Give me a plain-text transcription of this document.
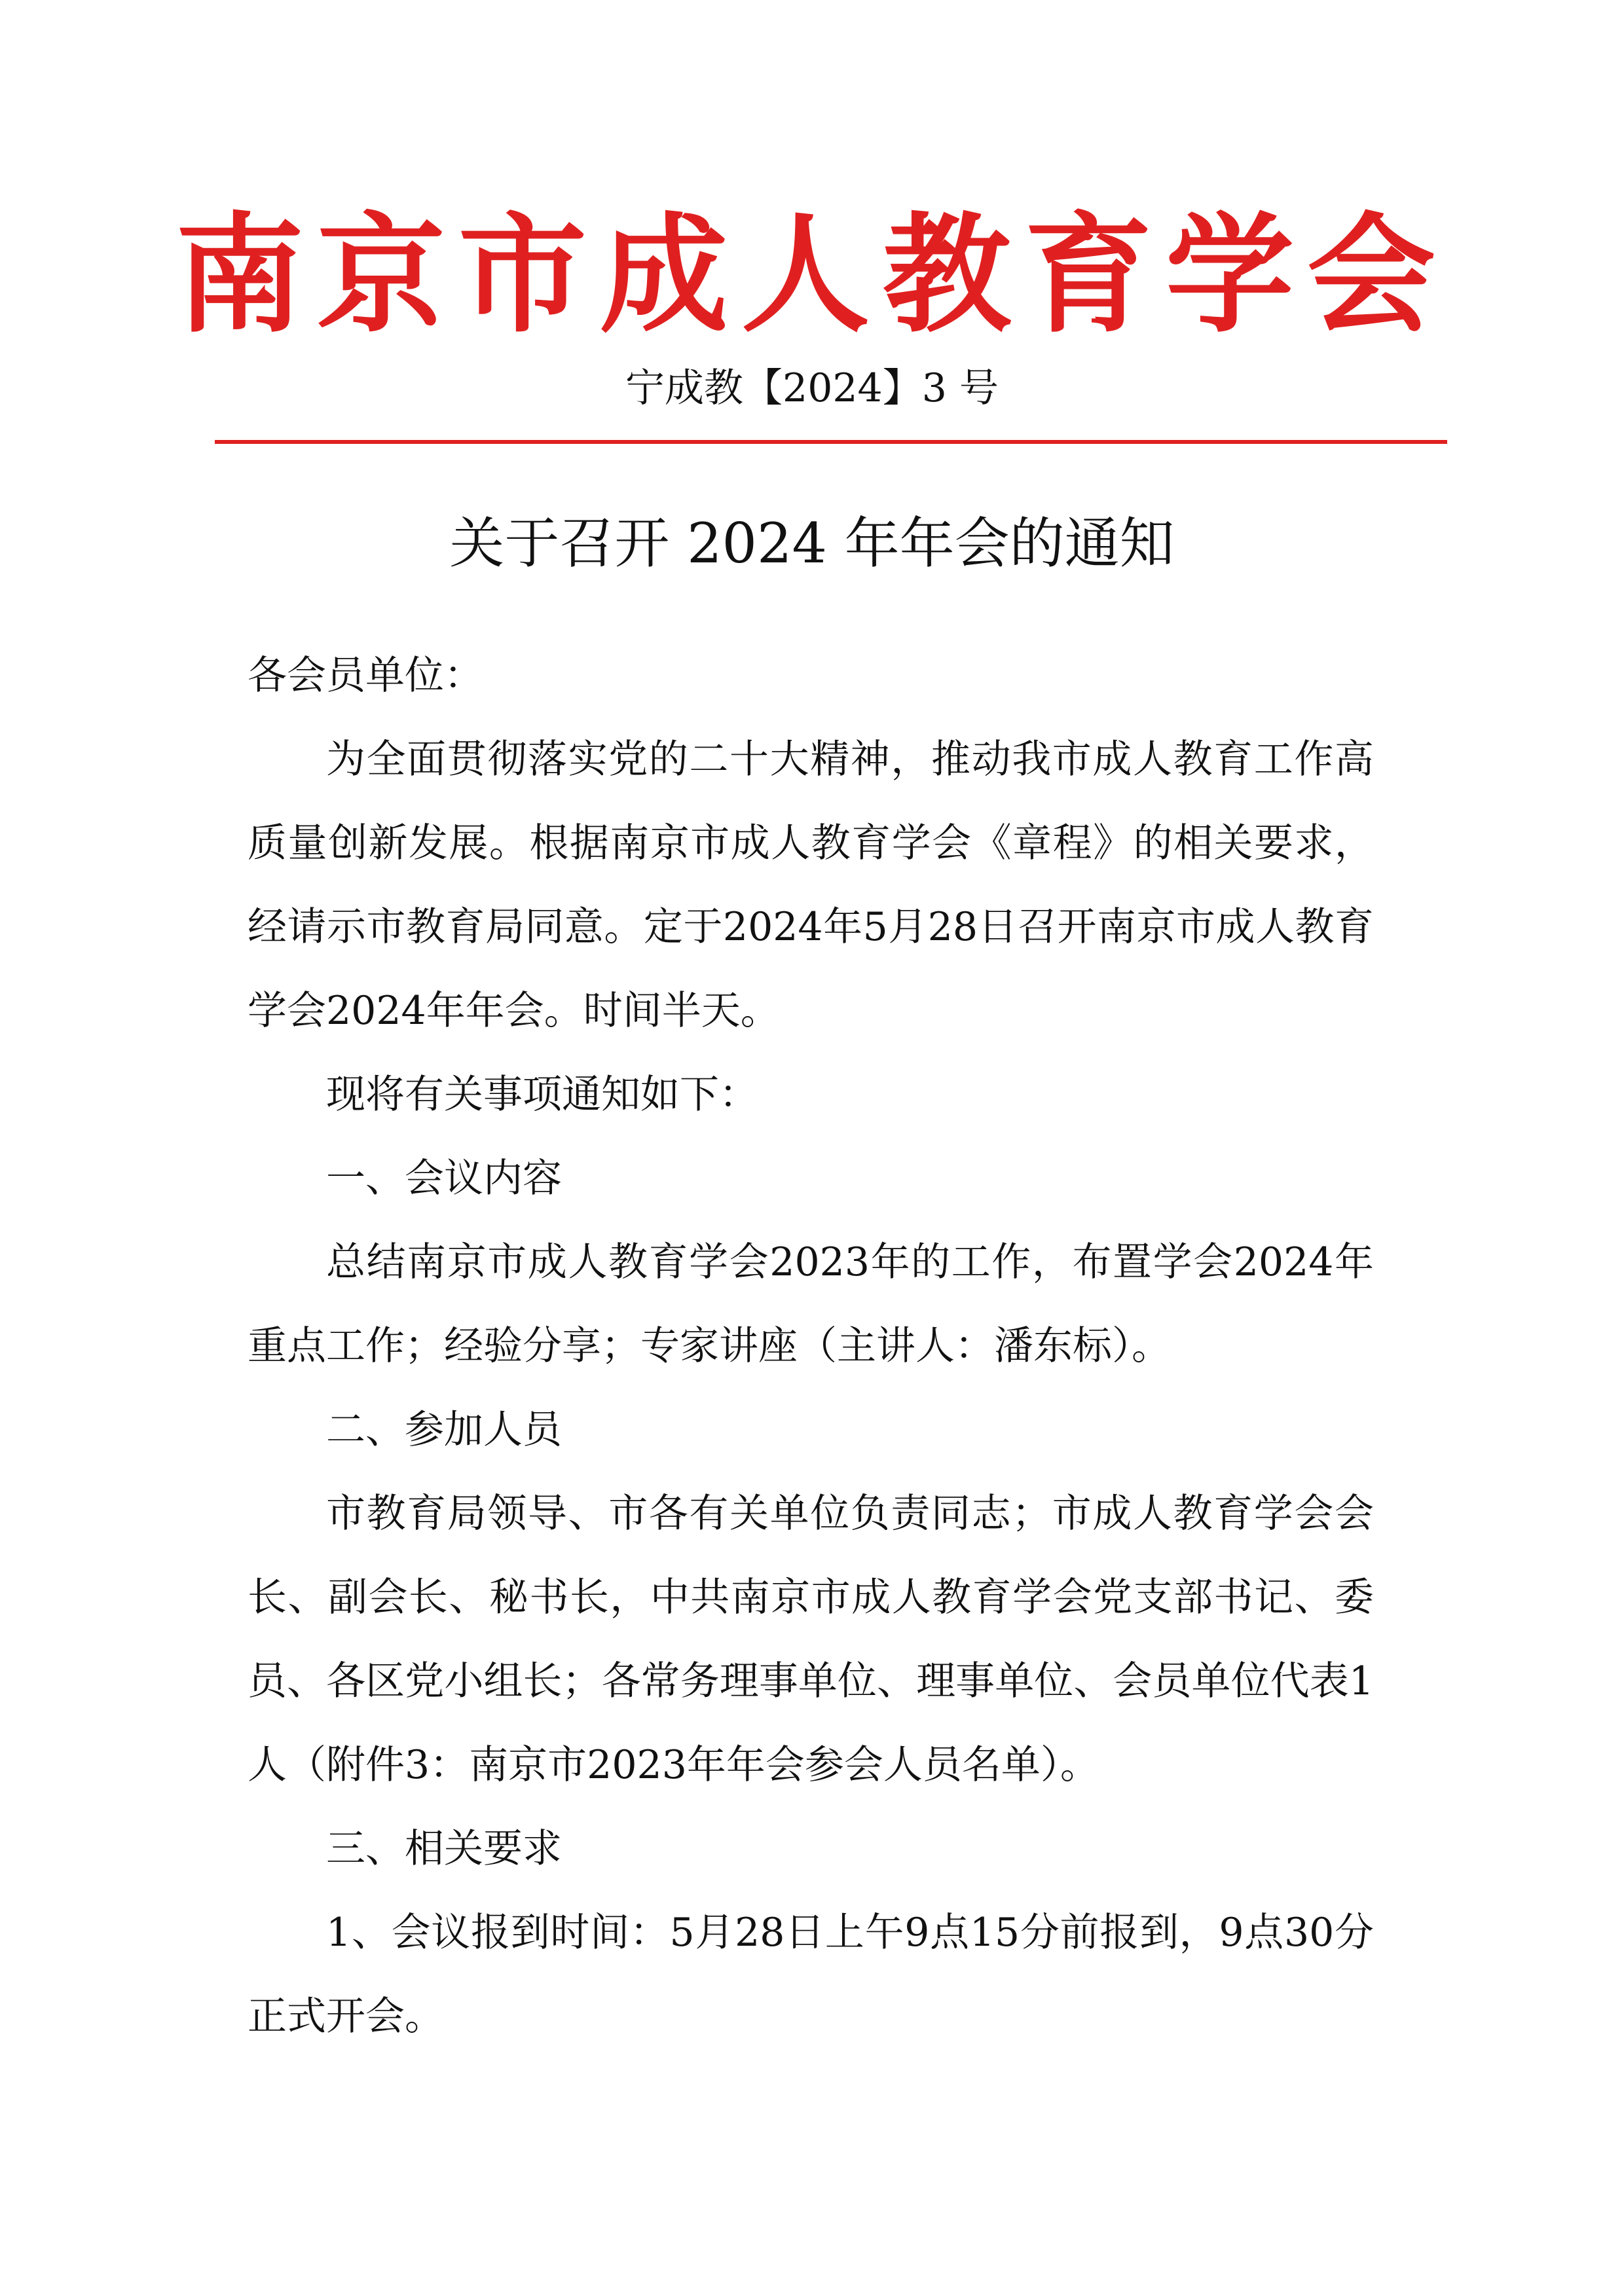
南京市成人教育学会
宁成教【2024】3 号
关于召开 2024 年年会的通知

各会员单位：

为全面贯彻落实党的二十大精神，推动我市成人教育工作高质量创新发展。根据南京市成人教育学会《章程》的相关要求，经请示市教育局同意。定于2024年5月28日召开南京市成人教育学会2024年年会。时间半天。

现将有关事项通知如下：

一、会议内容

总结南京市成人教育学会2023年的工作，布置学会2024年重点工作；经验分享；专家讲座（主讲人：潘东标）。

二、参加人员

市教育局领导、市各有关单位负责同志；市成人教育学会会长、副会长、秘书长，中共南京市成人教育学会党支部书记、委员、各区党小组长；各常务理事单位、理事单位、会员单位代表1人（附件3：南京市2023年年会参会人员名单）。

三、相关要求

1、会议报到时间：5月28日上午9点15分前报到，9点30分正式开会。
